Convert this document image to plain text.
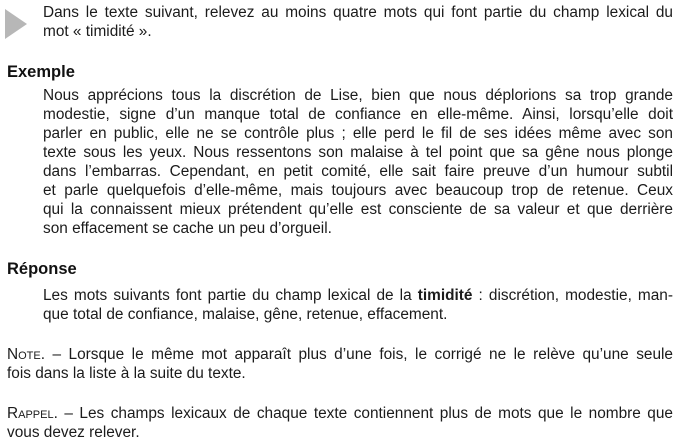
Dans le texte suivant, relevez au moins quatre mots qui font partie du champ lexical du
mot « timidité ».
Exemple
Nous apprécions tous la discrétion de Lise, bien que nous déplorions sa trop grande
modestie, signe d’un manque total de confiance en elle-même. Ainsi, lorsqu’elle doit
parler en public, elle ne se contrôle plus ; elle perd le fil de ses idées même avec son
texte sous les yeux. Nous ressentons son malaise à tel point que sa gêne nous plonge
dans l’embarras. Cependant, en petit comité, elle sait faire preuve d’un humour subtil
et parle quelquefois d’elle-même, mais toujours avec beaucoup trop de retenue. Ceux
qui la connaissent mieux prétendent qu’elle est consciente de sa valeur et que derrière
son effacement se cache un peu d’orgueil.
Réponse
Les mots suivants font partie du champ lexical de la timidité : discrétion, modestie, man-
que total de confiance, malaise, gêne, retenue, effacement.
Note. – Lorsque le même mot apparaît plus d’une fois, le corrigé ne le relève qu’une seule
fois dans la liste à la suite du texte.
Rappel. – Les champs lexicaux de chaque texte contiennent plus de mots que le nombre que
vous devez relever.
